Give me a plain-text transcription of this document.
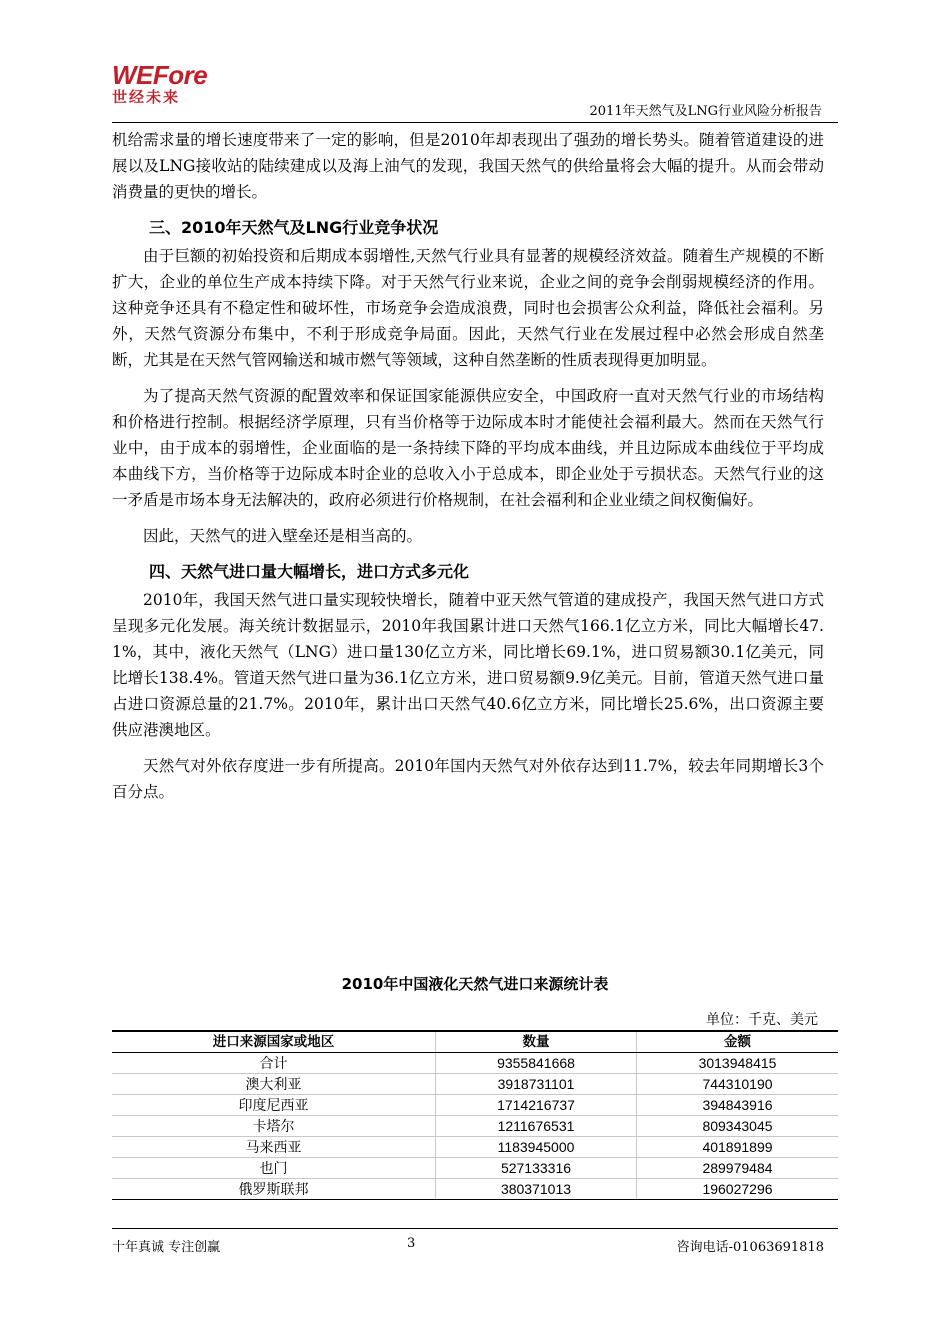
WEFore
世经未来
2011年天然气及LNG行业风险分析报告

机给需求量的增长速度带来了一定的影响，但是2010年却表现出了强劲的增长势头。随着管道建设的进展以及LNG接收站的陆续建成以及海上油气的发现，我国天然气的供给量将会大幅的提升。从而会带动消费量的更快的增长。

三、2010年天然气及LNG行业竞争状况

由于巨额的初始投资和后期成本弱增性,天然气行业具有显著的规模经济效益。随着生产规模的不断扩大，企业的单位生产成本持续下降。对于天然气行业来说，企业之间的竞争会削弱规模经济的作用。这种竞争还具有不稳定性和破坏性，市场竞争会造成浪费，同时也会损害公众利益，降低社会福利。另外，天然气资源分布集中，不利于形成竞争局面。因此，天然气行业在发展过程中必然会形成自然垄断，尤其是在天然气管网输送和城市燃气等领域，这种自然垄断的性质表现得更加明显。

为了提高天然气资源的配置效率和保证国家能源供应安全，中国政府一直对天然气行业的市场结构和价格进行控制。根据经济学原理，只有当价格等于边际成本时才能使社会福利最大。然而在天然气行业中，由于成本的弱增性，企业面临的是一条持续下降的平均成本曲线，并且边际成本曲线位于平均成本曲线下方，当价格等于边际成本时企业的总收入小于总成本，即企业处于亏损状态。天然气行业的这一矛盾是市场本身无法解决的，政府必须进行价格规制，在社会福利和企业业绩之间权衡偏好。

因此，天然气的进入壁垒还是相当高的。

四、天然气进口量大幅增长，进口方式多元化

2010年，我国天然气进口量实现较快增长，随着中亚天然气管道的建成投产，我国天然气进口方式呈现多元化发展。海关统计数据显示，2010年我国累计进口天然气166.1亿立方米，同比大幅增长47.1%，其中，液化天然气（LNG）进口量130亿立方米，同比增长69.1%，进口贸易额30.1亿美元，同比增长138.4%。管道天然气进口量为36.1亿立方米，进口贸易额9.9亿美元。目前，管道天然气进口量占进口资源总量的21.7%。2010年，累计出口天然气40.6亿立方米，同比增长25.6%，出口资源主要供应港澳地区。

天然气对外依存度进一步有所提高。2010年国内天然气对外依存达到11.7%，较去年同期增长3个百分点。

2010年中国液化天然气进口来源统计表
单位：千克、美元
进口来源国家或地区	数量	金额
合计	9355841668	3013948415
澳大利亚	3918731101	744310190
印度尼西亚	1714216737	394843916
卡塔尔	1211676531	809343045
马来西亚	1183945000	401891899
也门	527133316	289979484
俄罗斯联邦	380371013	196027296
十年真诚 专注创赢	3	咨询电话-01063691818
